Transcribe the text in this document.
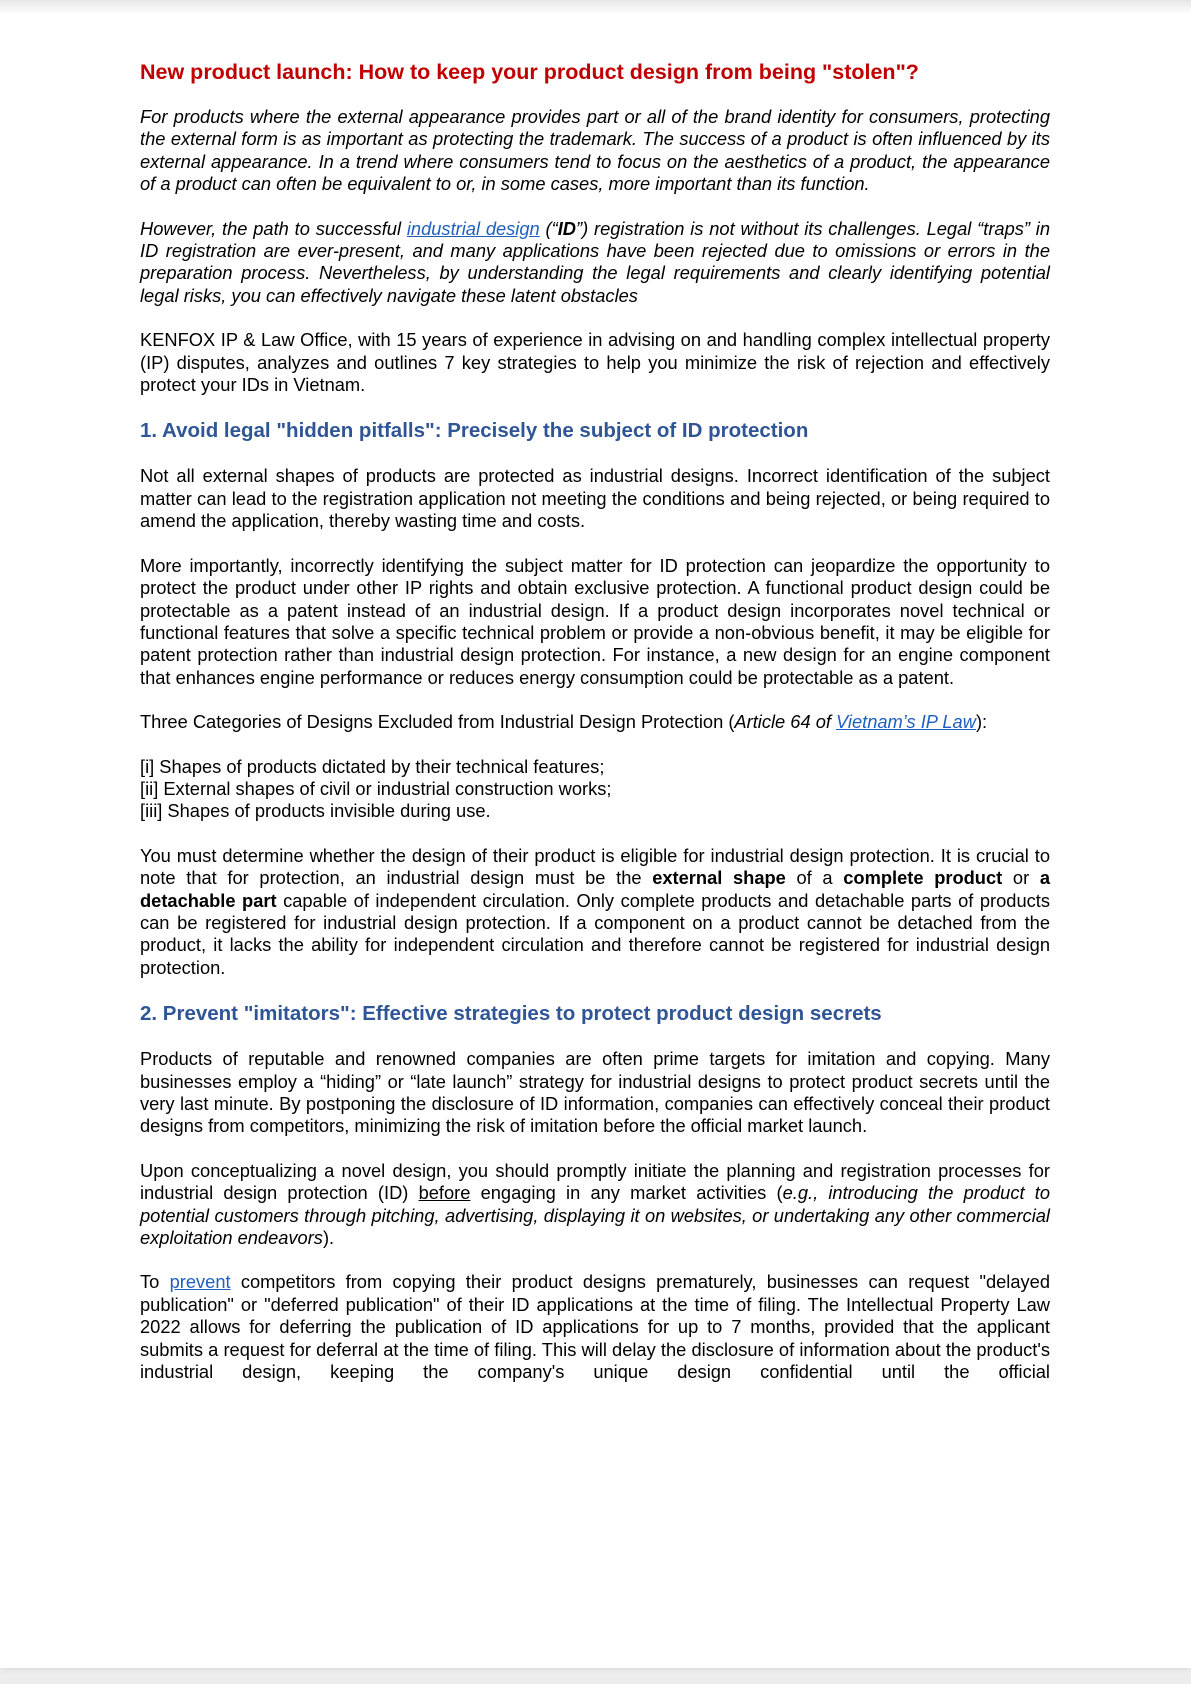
New product launch: How to keep your product design from being "stolen"?

For products where the external appearance provides part or all of the brand identity for consumers, protecting the external form is as important as protecting the trademark. The success of a product is often influenced by its external appearance. In a trend where consumers tend to focus on the aesthetics of a product, the appearance of a product can often be equivalent to or, in some cases, more important than its function.

However, the path to successful industrial design (“ID”) registration is not without its challenges. Legal “traps” in ID registration are ever-present, and many applications have been rejected due to omissions or errors in the preparation process. Nevertheless, by understanding the legal requirements and clearly identifying potential legal risks, you can effectively navigate these latent obstacles

KENFOX IP & Law Office, with 15 years of experience in advising on and handling complex intellectual property (IP) disputes, analyzes and outlines 7 key strategies to help you minimize the risk of rejection and effectively protect your IDs in Vietnam.

1. Avoid legal "hidden pitfalls": Precisely the subject of ID protection

Not all external shapes of products are protected as industrial designs. Incorrect identification of the subject matter can lead to the registration application not meeting the conditions and being rejected, or being required to amend the application, thereby wasting time and costs.

More importantly, incorrectly identifying the subject matter for ID protection can jeopardize the opportunity to protect the product under other IP rights and obtain exclusive protection. A functional product design could be protectable as a patent instead of an industrial design. If a product design incorporates novel technical or functional features that solve a specific technical problem or provide a non-obvious benefit, it may be eligible for patent protection rather than industrial design protection. For instance, a new design for an engine component that enhances engine performance or reduces energy consumption could be protectable as a patent.

Three Categories of Designs Excluded from Industrial Design Protection (Article 64 of Vietnam’s IP Law):

[i] Shapes of products dictated by their technical features;
[ii] External shapes of civil or industrial construction works;
[iii] Shapes of products invisible during use.

You must determine whether the design of their product is eligible for industrial design protection. It is crucial to note that for protection, an industrial design must be the external shape of a complete product or a detachable part capable of independent circulation. Only complete products and detachable parts of products can be registered for industrial design protection. If a component on a product cannot be detached from the product, it lacks the ability for independent circulation and therefore cannot be registered for industrial design protection.

2. Prevent "imitators": Effective strategies to protect product design secrets

Products of reputable and renowned companies are often prime targets for imitation and copying. Many businesses employ a “hiding” or “late launch” strategy for industrial designs to protect product secrets until the very last minute. By postponing the disclosure of ID information, companies can effectively conceal their product designs from competitors, minimizing the risk of imitation before the official market launch.

Upon conceptualizing a novel design, you should promptly initiate the planning and registration processes for industrial design protection (ID) before engaging in any market activities (e.g., introducing the product to potential customers through pitching, advertising, displaying it on websites, or undertaking any other commercial exploitation endeavors).

To prevent competitors from copying their product designs prematurely, businesses can request "delayed publication" or "deferred publication" of their ID applications at the time of filing. The Intellectual Property Law 2022 allows for deferring the publication of ID applications for up to 7 months, provided that the applicant submits a request for deferral at the time of filing. This will delay the disclosure of information about the product's industrial design, keeping the company's unique design confidential until the official
